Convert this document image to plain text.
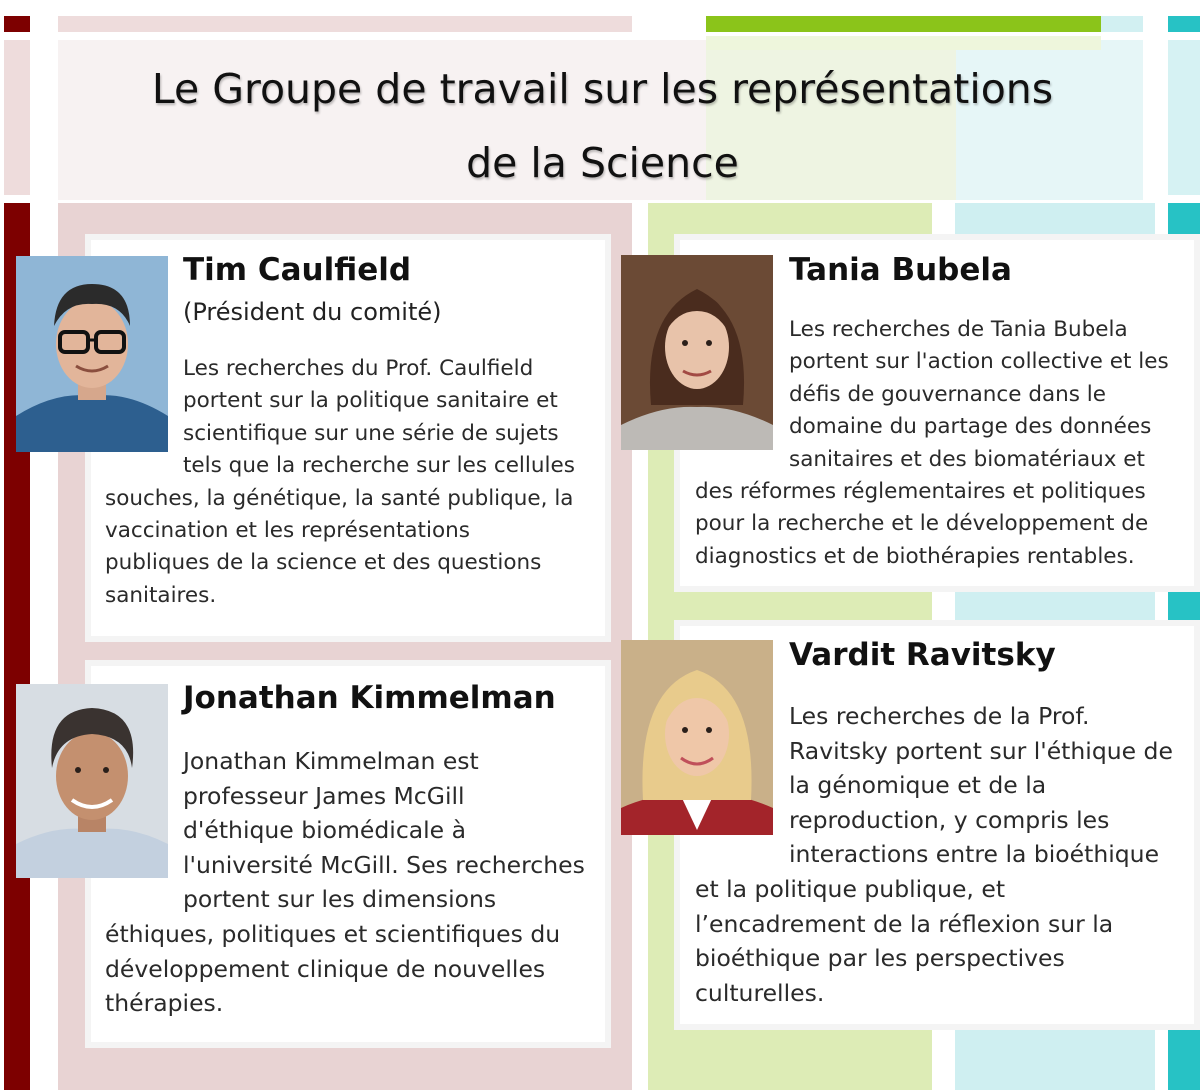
Le Groupe de travail sur les représentations
de la Science
Tim Caulfield
(Président du comité)
Les recherches du Prof. Caulfield
portent sur la politique sanitaire et
scientifique sur une série de sujets
tels que la recherche sur les cellules
souches, la génétique, la santé publique, la
vaccination et les représentations
publiques de la science et des questions
sanitaires.
Jonathan Kimmelman
Jonathan Kimmelman est
professeur James McGill
d'éthique biomédicale à
l'université McGill. Ses recherches
portent sur les dimensions
éthiques, politiques et scientifiques du
développement clinique de nouvelles
thérapies.
Tania Bubela
Les recherches de Tania Bubela
portent sur l'action collective et les
défis de gouvernance dans le
domaine du partage des données
sanitaires et des biomatériaux et
des réformes réglementaires et politiques
pour la recherche et le développement de
diagnostics et de biothérapies rentables.
Vardit Ravitsky
Les recherches de la Prof.
Ravitsky portent sur l'éthique de
la génomique et de la
reproduction, y compris les
interactions entre la bioéthique
et la politique publique, et
l’encadrement de la réflexion sur la
bioéthique par les perspectives
culturelles.
